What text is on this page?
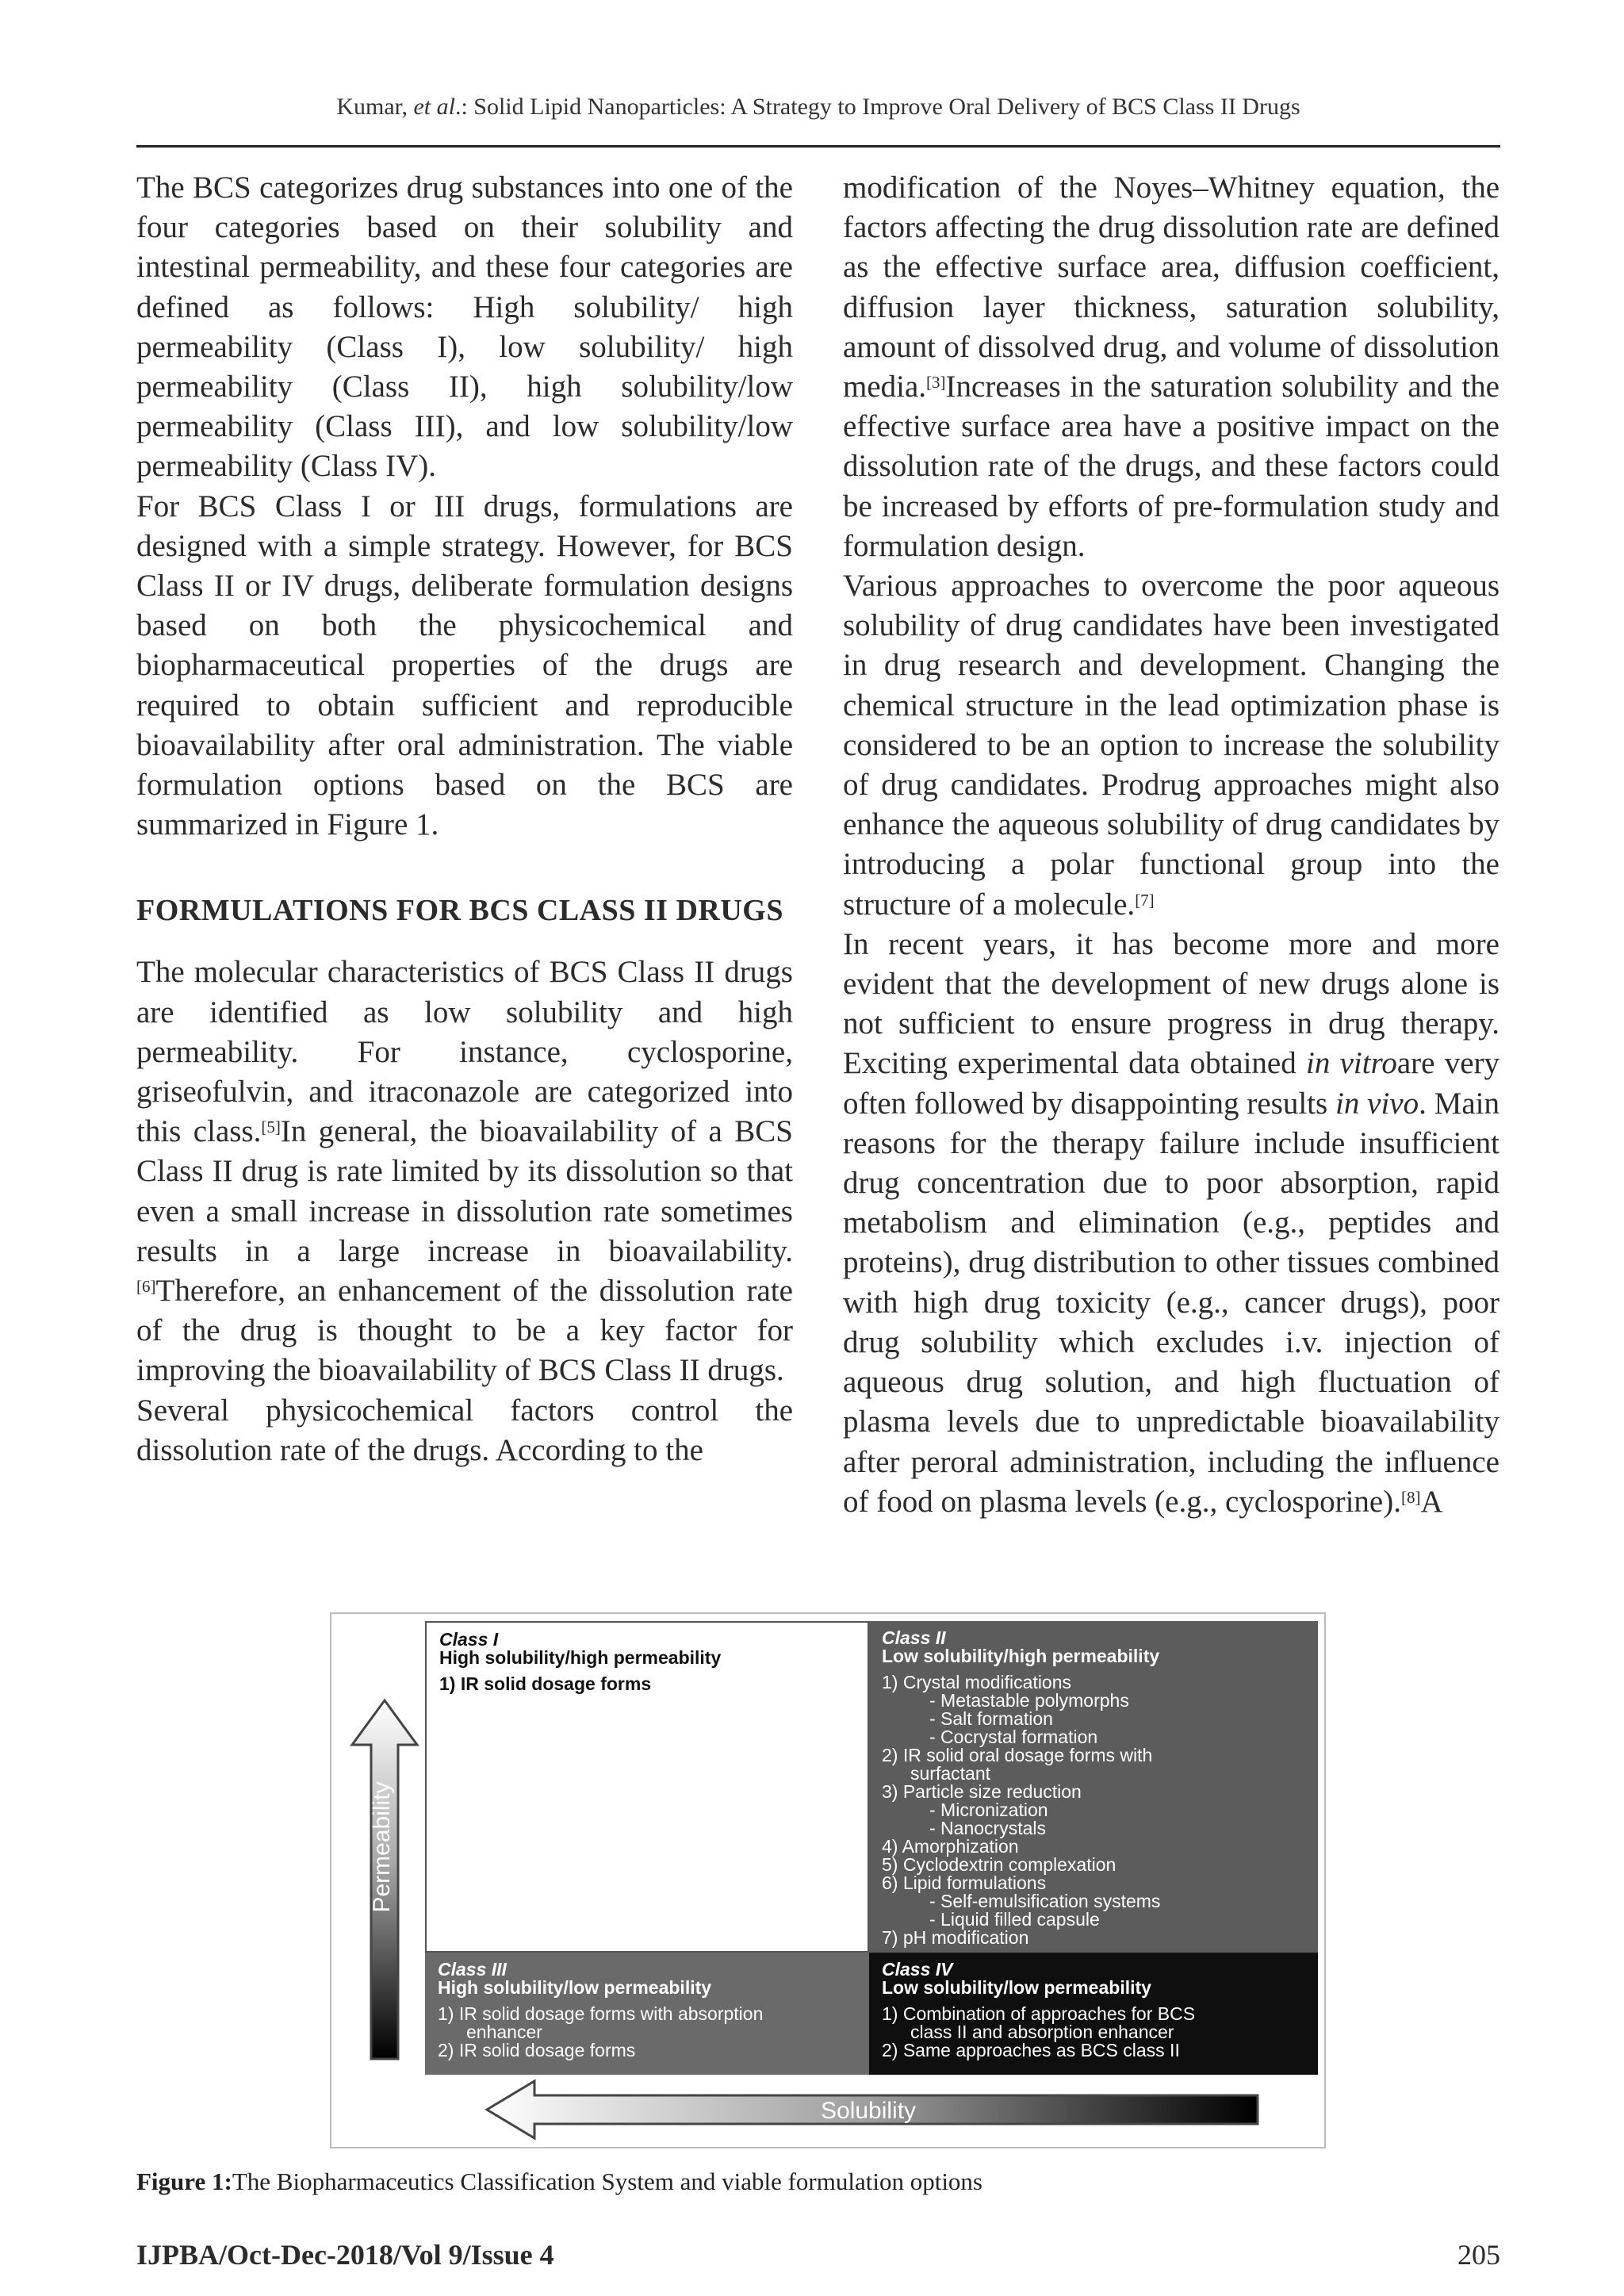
Kumar, et al.: Solid Lipid Nanoparticles: A Strategy to Improve Oral Delivery of BCS Class II Drugs

The BCS categorizes drug substances into one of the four categories based on their solubility and intestinal permeability, and these four categories are defined as follows: High solubility/ high permeability (Class I), low solubility/ high permeability (Class II), high solubility/low permeability (Class III), and low solubility/low permeability (Class IV).

For BCS Class I or III drugs, formulations are designed with a simple strategy. However, for BCS Class II or IV drugs, deliberate formulation designs based on both the physicochemical and biopharmaceutical properties of the drugs are required to obtain sufficient and reproducible bioavailability after oral administration. The viable formulation options based on the BCS are summarized in Figure 1.

FORMULATIONS FOR BCS CLASS II DRUGS

The molecular characteristics of BCS Class II drugs are identified as low solubility and high permeability. For instance, cyclosporine, griseofulvin, and itraconazole are categorized into this class.[5]In general, the bioavailability of a BCS Class II drug is rate limited by its dissolution so that even a small increase in dissolution rate sometimes results in a large increase in bioavailability.[6]Therefore, an enhancement of the dissolution rate of the drug is thought to be a key factor for improving the bioavailability of BCS Class II drugs.

Several physicochemical factors control the dissolution rate of the drugs. According to the

modification of the Noyes–Whitney equation, the factors affecting the drug dissolution rate are defined as the effective surface area, diffusion coefficient, diffusion layer thickness, saturation solubility, amount of dissolved drug, and volume of dissolution media.[3]Increases in the saturation solubility and the effective surface area have a positive impact on the dissolution rate of the drugs, and these factors could be increased by efforts of pre-formulation study and formulation design.

Various approaches to overcome the poor aqueous solubility of drug candidates have been investigated in drug research and development. Changing the chemical structure in the lead optimization phase is considered to be an option to increase the solubility of drug candidates. Prodrug approaches might also enhance the aqueous solubility of drug candidates by introducing a polar functional group into the structure of a molecule.[7]

In recent years, it has become more and more evident that the development of new drugs alone is not sufficient to ensure progress in drug therapy. Exciting experimental data obtained in vitroare very often followed by disappointing results in vivo. Main reasons for the therapy failure include insufficient drug concentration due to poor absorption, rapid metabolism and elimination (e.g., peptides and proteins), drug distribution to other tissues combined with high drug toxicity (e.g., cancer drugs), poor drug solubility which excludes i.v. injection of aqueous drug solution, and high fluctuation of plasma levels due to unpredictable bioavailability after peroral administration, including the influence of food on plasma levels (e.g., cyclosporine).[8]A

Permeability
Solubility
Class I
High solubility/high permeability
1) IR solid dosage forms
Class II
Low solubility/high permeability
1) Crystal modifications
- Metastable polymorphs
- Salt formation
- Cocrystal formation
2) IR solid oral dosage forms with
surfactant
3) Particle size reduction
- Micronization
- Nanocrystals
4) Amorphization
5) Cyclodextrin complexation
6) Lipid formulations
- Self-emulsification systems
- Liquid filled capsule
7) pH modification
Class III
High solubility/low permeability
1) IR solid dosage forms with absorption
enhancer
2) IR solid dosage forms
Class IV
Low solubility/low permeability
1) Combination of approaches for BCS
class II and absorption enhancer
2) Same approaches as BCS class II
Figure 1:The Biopharmaceutics Classification System and viable formulation options
IJPBA/Oct-Dec-2018/Vol 9/Issue 4	205
